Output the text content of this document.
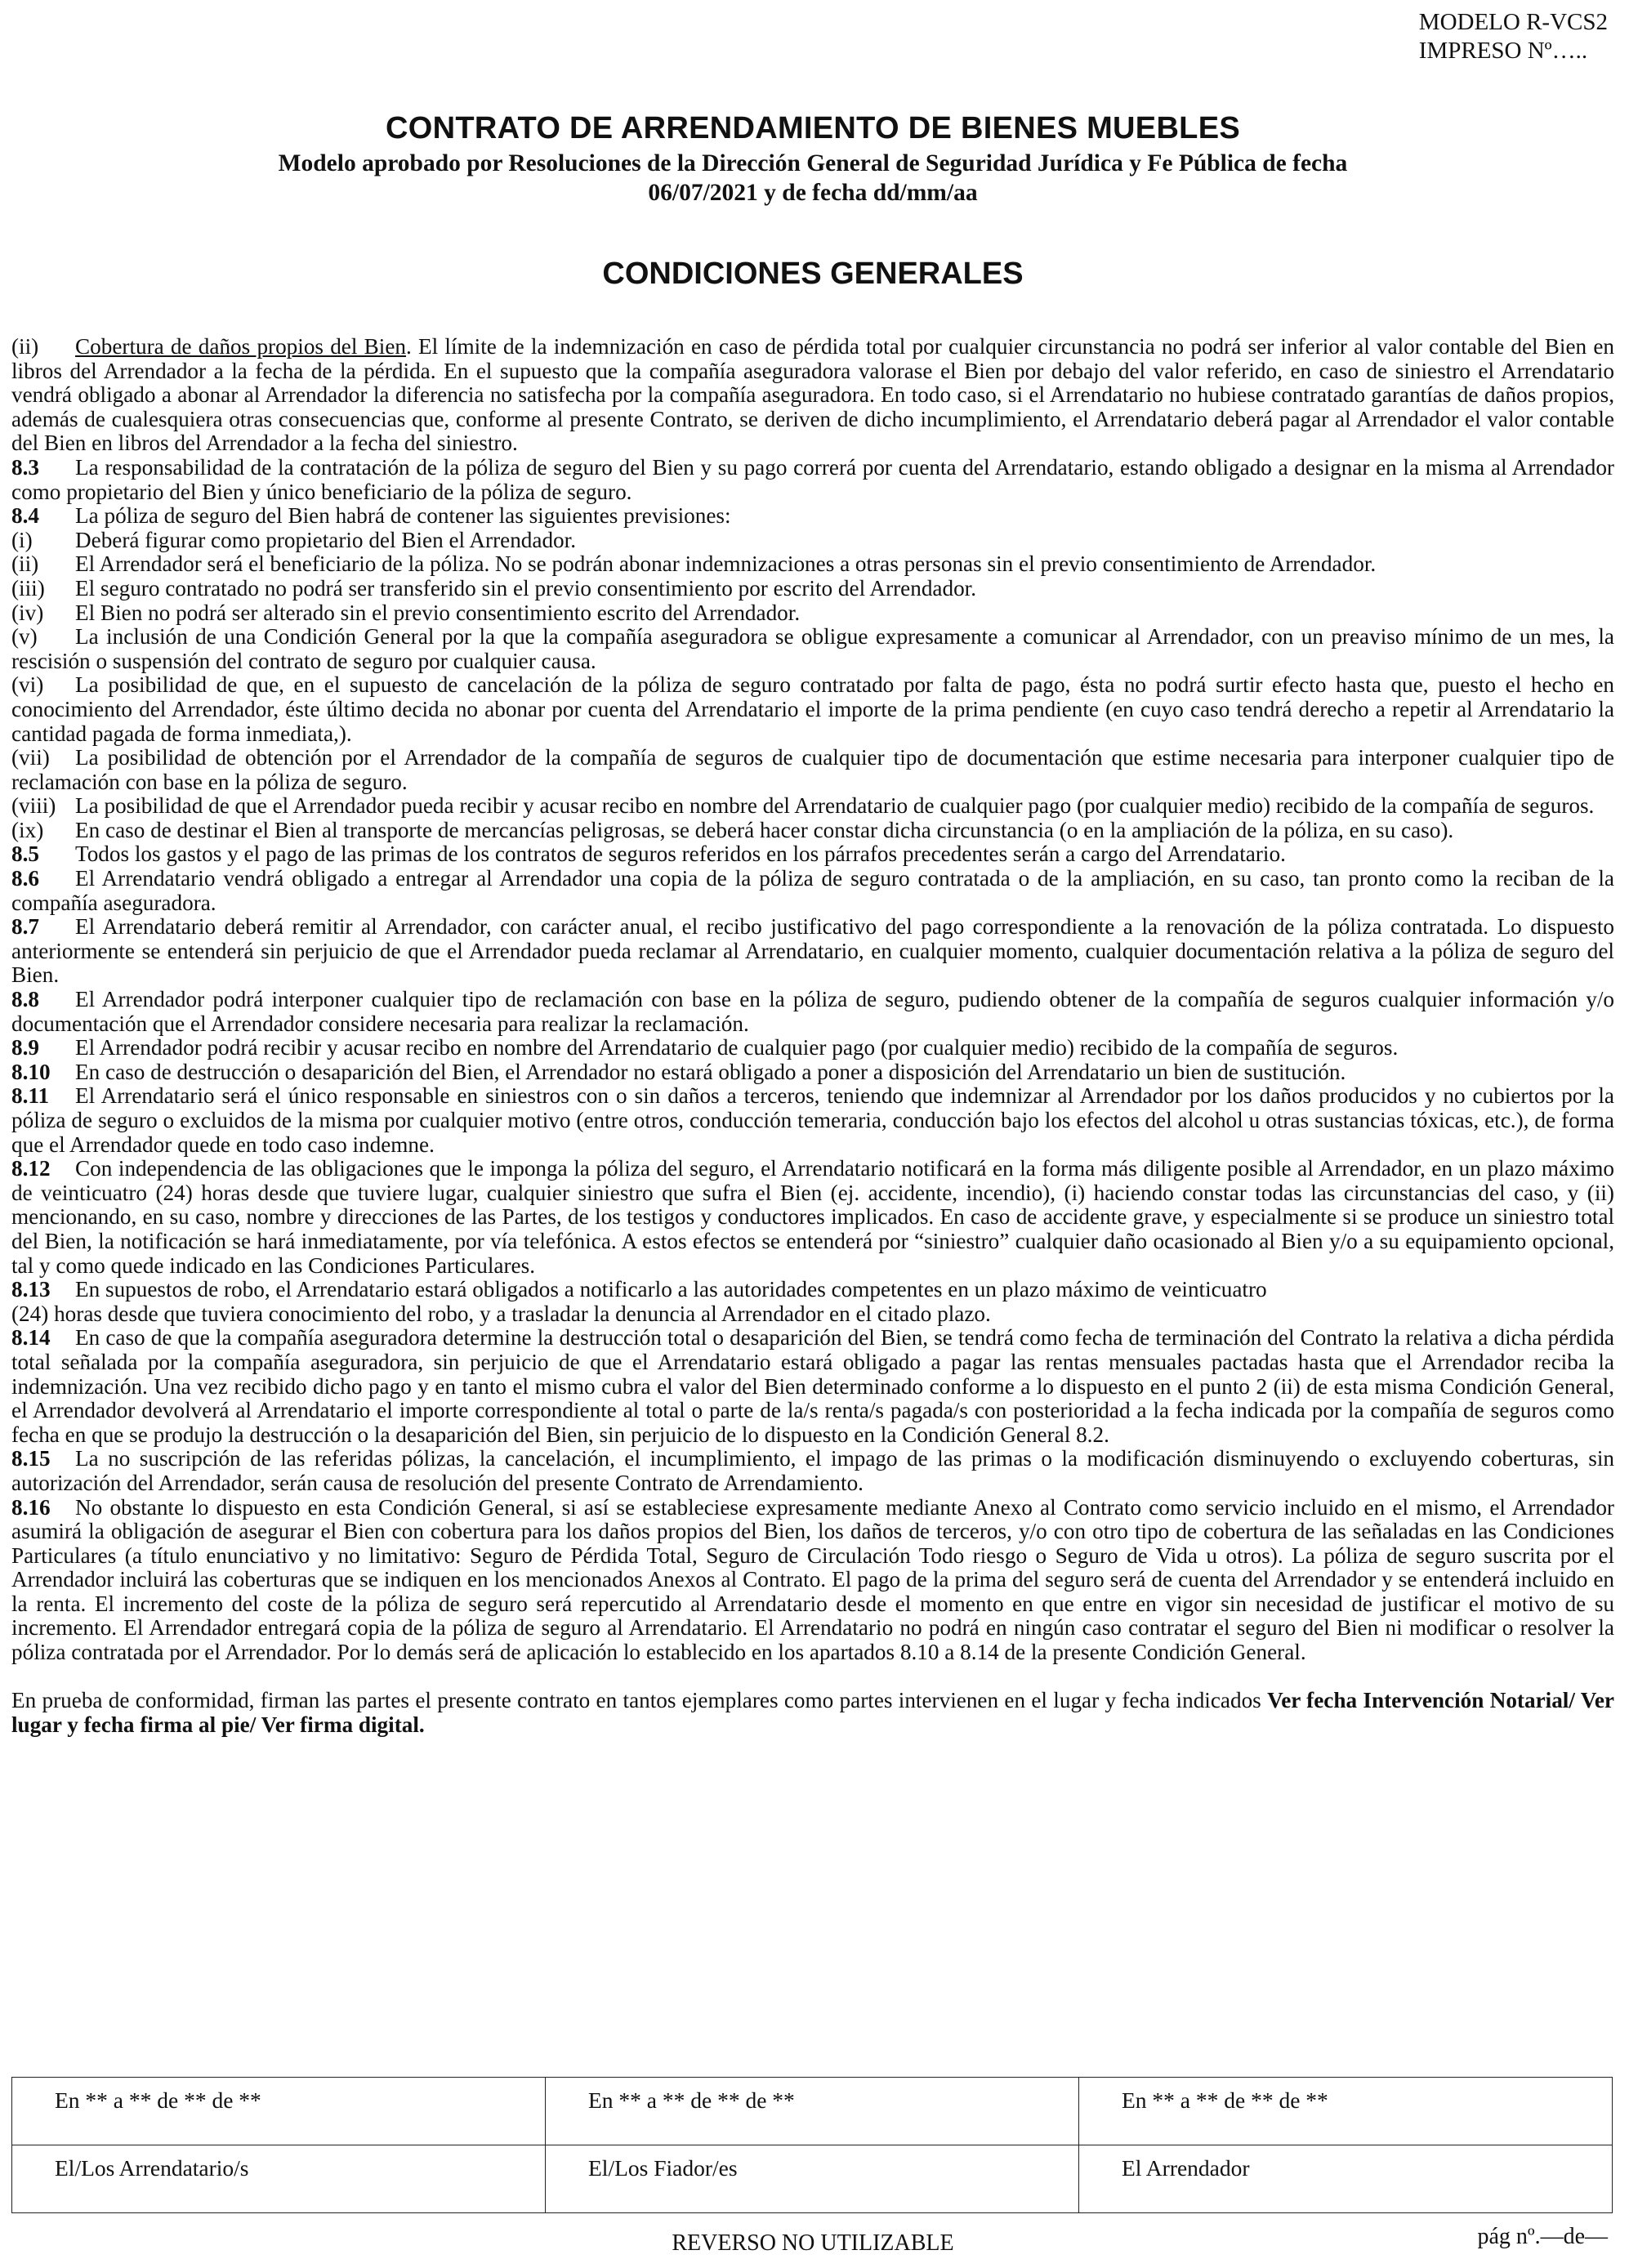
MODELO R-VCS2
IMPRESO Nº…..
CONTRATO DE ARRENDAMIENTO DE BIENES MUEBLES
Modelo aprobado por Resoluciones de la Dirección General de Seguridad Jurídica y Fe Pública de fecha
06/07/2021 y de fecha dd/mm/aa
CONDICIONES GENERALES
(ii) Cobertura de daños propios del Bien. El límite de la indemnización en caso de pérdida total por cualquier circunstancia no podrá ser inferior al valor contable del Bien en libros del Arrendador a la fecha de la pérdida. En el supuesto que la compañía aseguradora valorase el Bien por debajo del valor referido, en caso de siniestro el Arrendatario vendrá obligado a abonar al Arrendador la diferencia no satisfecha por la compañía aseguradora. En todo caso, si el Arrendatario no hubiese contratado garantías de daños propios, además de cualesquiera otras consecuencias que, conforme al presente Contrato, se deriven de dicho incumplimiento, el Arrendatario deberá pagar al Arrendador el valor contable del Bien en libros del Arrendador a la fecha del siniestro.
8.3 La responsabilidad de la contratación de la póliza de seguro del Bien y su pago correrá por cuenta del Arrendatario, estando obligado a designar en la misma al Arrendador como propietario del Bien y único beneficiario de la póliza de seguro.
8.4 La póliza de seguro del Bien habrá de contener las siguientes previsiones:
(i) Deberá figurar como propietario del Bien el Arrendador.
(ii) El Arrendador será el beneficiario de la póliza. No se podrán abonar indemnizaciones a otras personas sin el previo consentimiento de Arrendador.
(iii) El seguro contratado no podrá ser transferido sin el previo consentimiento por escrito del Arrendador.
(iv) El Bien no podrá ser alterado sin el previo consentimiento escrito del Arrendador.
(v) La inclusión de una Condición General por la que la compañía aseguradora se obligue expresamente a comunicar al Arrendador, con un preaviso mínimo de un mes, la rescisión o suspensión del contrato de seguro por cualquier causa.
(vi) La posibilidad de que, en el supuesto de cancelación de la póliza de seguro contratado por falta de pago, ésta no podrá surtir efecto hasta que, puesto el hecho en conocimiento del Arrendador, éste último decida no abonar por cuenta del Arrendatario el importe de la prima pendiente (en cuyo caso tendrá derecho a repetir al Arrendatario la cantidad pagada de forma inmediata,).
(vii) La posibilidad de obtención por el Arrendador de la compañía de seguros de cualquier tipo de documentación que estime necesaria para interponer cualquier tipo de reclamación con base en la póliza de seguro.
(viii) La posibilidad de que el Arrendador pueda recibir y acusar recibo en nombre del Arrendatario de cualquier pago (por cualquier medio) recibido de la compañía de seguros.
(ix) En caso de destinar el Bien al transporte de mercancías peligrosas, se deberá hacer constar dicha circunstancia (o en la ampliación de la póliza, en su caso).
8.5 Todos los gastos y el pago de las primas de los contratos de seguros referidos en los párrafos precedentes serán a cargo del Arrendatario.
8.6 El Arrendatario vendrá obligado a entregar al Arrendador una copia de la póliza de seguro contratada o de la ampliación, en su caso, tan pronto como la reciban de la compañía aseguradora.
8.7 El Arrendatario deberá remitir al Arrendador, con carácter anual, el recibo justificativo del pago correspondiente a la renovación de la póliza contratada. Lo dispuesto anteriormente se entenderá sin perjuicio de que el Arrendador pueda reclamar al Arrendatario, en cualquier momento, cualquier documentación relativa a la póliza de seguro del Bien.
8.8 El Arrendador podrá interponer cualquier tipo de reclamación con base en la póliza de seguro, pudiendo obtener de la compañía de seguros cualquier información y/o documentación que el Arrendador considere necesaria para realizar la reclamación.
8.9 El Arrendador podrá recibir y acusar recibo en nombre del Arrendatario de cualquier pago (por cualquier medio) recibido de la compañía de seguros.
8.10 En caso de destrucción o desaparición del Bien, el Arrendador no estará obligado a poner a disposición del Arrendatario un bien de sustitución.
8.11 El Arrendatario será el único responsable en siniestros con o sin daños a terceros, teniendo que indemnizar al Arrendador por los daños producidos y no cubiertos por la póliza de seguro o excluidos de la misma por cualquier motivo (entre otros, conducción temeraria, conducción bajo los efectos del alcohol u otras sustancias tóxicas, etc.), de forma que el Arrendador quede en todo caso indemne.
8.12 Con independencia de las obligaciones que le imponga la póliza del seguro, el Arrendatario notificará en la forma más diligente posible al Arrendador, en un plazo máximo de veinticuatro (24) horas desde que tuviere lugar, cualquier siniestro que sufra el Bien (ej. accidente, incendio), (i) haciendo constar todas las circunstancias del caso, y (ii) mencionando, en su caso, nombre y direcciones de las Partes, de los testigos y conductores implicados. En caso de accidente grave, y especialmente si se produce un siniestro total del Bien, la notificación se hará inmediatamente, por vía telefónica. A estos efectos se entenderá por “siniestro” cualquier daño ocasionado al Bien y/o a su equipamiento opcional, tal y como quede indicado en las Condiciones Particulares.
8.13 En supuestos de robo, el Arrendatario estará obligados a notificarlo a las autoridades competentes en un plazo máximo de veinticuatro
(24) horas desde que tuviera conocimiento del robo, y a trasladar la denuncia al Arrendador en el citado plazo.
8.14 En caso de que la compañía aseguradora determine la destrucción total o desaparición del Bien, se tendrá como fecha de terminación del Contrato la relativa a dicha pérdida total señalada por la compañía aseguradora, sin perjuicio de que el Arrendatario estará obligado a pagar las rentas mensuales pactadas hasta que el Arrendador reciba la indemnización. Una vez recibido dicho pago y en tanto el mismo cubra el valor del Bien determinado conforme a lo dispuesto en el punto 2 (ii) de esta misma Condición General, el Arrendador devolverá al Arrendatario el importe correspondiente al total o parte de la/s renta/s pagada/s con posterioridad a la fecha indicada por la compañía de seguros como fecha en que se produjo la destrucción o la desaparición del Bien, sin perjuicio de lo dispuesto en la Condición General 8.2.
8.15 La no suscripción de las referidas pólizas, la cancelación, el incumplimiento, el impago de las primas o la modificación disminuyendo o excluyendo coberturas, sin autorización del Arrendador, serán causa de resolución del presente Contrato de Arrendamiento.
8.16 No obstante lo dispuesto en esta Condición General, si así se estableciese expresamente mediante Anexo al Contrato como servicio incluido en el mismo, el Arrendador asumirá la obligación de asegurar el Bien con cobertura para los daños propios del Bien, los daños de terceros, y/o con otro tipo de cobertura de las señaladas en las Condiciones Particulares (a título enunciativo y no limitativo: Seguro de Pérdida Total, Seguro de Circulación Todo riesgo o Seguro de Vida u otros). La póliza de seguro suscrita por el Arrendador incluirá las coberturas que se indiquen en los mencionados Anexos al Contrato. El pago de la prima del seguro será de cuenta del Arrendador y se entenderá incluido en la renta. El incremento del coste de la póliza de seguro será repercutido al Arrendatario desde el momento en que entre en vigor sin necesidad de justificar el motivo de su incremento. El Arrendador entregará copia de la póliza de seguro al Arrendatario. El Arrendatario no podrá en ningún caso contratar el seguro del Bien ni modificar o resolver la póliza contratada por el Arrendador. Por lo demás será de aplicación lo establecido en los apartados 8.10 a 8.14 de la presente Condición General.
En prueba de conformidad, firman las partes el presente contrato en tantos ejemplares como partes intervienen en el lugar y fecha indicados Ver fecha Intervención Notarial/ Ver lugar y fecha firma al pie/ Ver firma digital.
En ** a ** de ** de **	En ** a ** de ** de **	En ** a ** de ** de **
El/Los Arrendatario/s	El/Los Fiador/es	El Arrendador
REVERSO NO UTILIZABLE	pág nº.—de—
